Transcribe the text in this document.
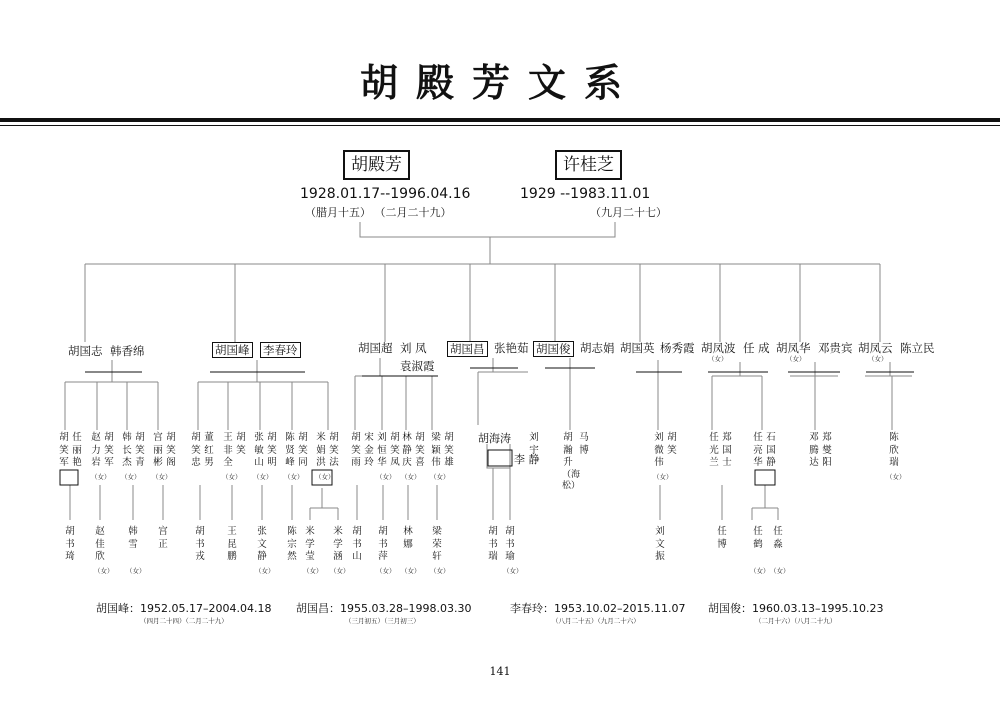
胡殿芳文系
胡殿芳
1928.01.17--1996.04.16
（腊月十五） （二月二十九）
许桂芝
1929 --1983.11.01
（九月二十七）
胡国志 韩香绵	胡国峰 李春玲	胡国超 刘 凤
袁淑霞
胡国昌 张艳茹 胡国俊 胡志娟 胡国英 杨秀霞 胡凤波
（女）
任 成 胡凤华
（女）
邓贵宾 胡凤云
（女）
陈立民
胡笑军
任丽艳
赵力岩
胡笑军
（女）
韩长杰
胡笑青
（女）
宫丽彬
胡笑阁
（女）
胡笑忠
董红男
王非全
胡笑
（女）
张敏山
胡笑明
（女）
陈贤峰
胡笑同
（女）
米娟洪
胡笑法
（女）
胡笑雨
宋金玲
刘恒华
胡笑凤
（女）
林静庆
胡笑喜
（女）
梁颖伟
胡笑雄
（女）
胡海涛 刘 宇
李 静
胡瀚升
马 博
（海松）
刘微伟
胡笑
（女）
任光兰
郑国士
任亮华
石国静
邓腾达
郑燮阳
陈欣瑞
（女）
胡书琦
赵佳欣
（女）
韩 雪
（女）
宫 正
胡书戎
王昆鹏
张文静
（女）
陈宗然
米学莹
（女）
米学涵
（女）
胡书山
胡书萍
（女）
林 娜
（女）
梁荣轩
（女）
胡书瑞
胡书瑜
（女）
刘文振
任 博
任鹤
（女）
任淼
（女）
胡国峰：1952.05.17–2004.04.18
（四月二十四）（二月二十九）
胡国昌：1955.03.28–1998.03.30
（三月初五）（三月初三）
李春玲：1953.10.02–2015.11.07
（八月二十五）（九月二十六）
胡国俊：1960.03.13–1995.10.23
（二月十六）（八月二十九）
141
